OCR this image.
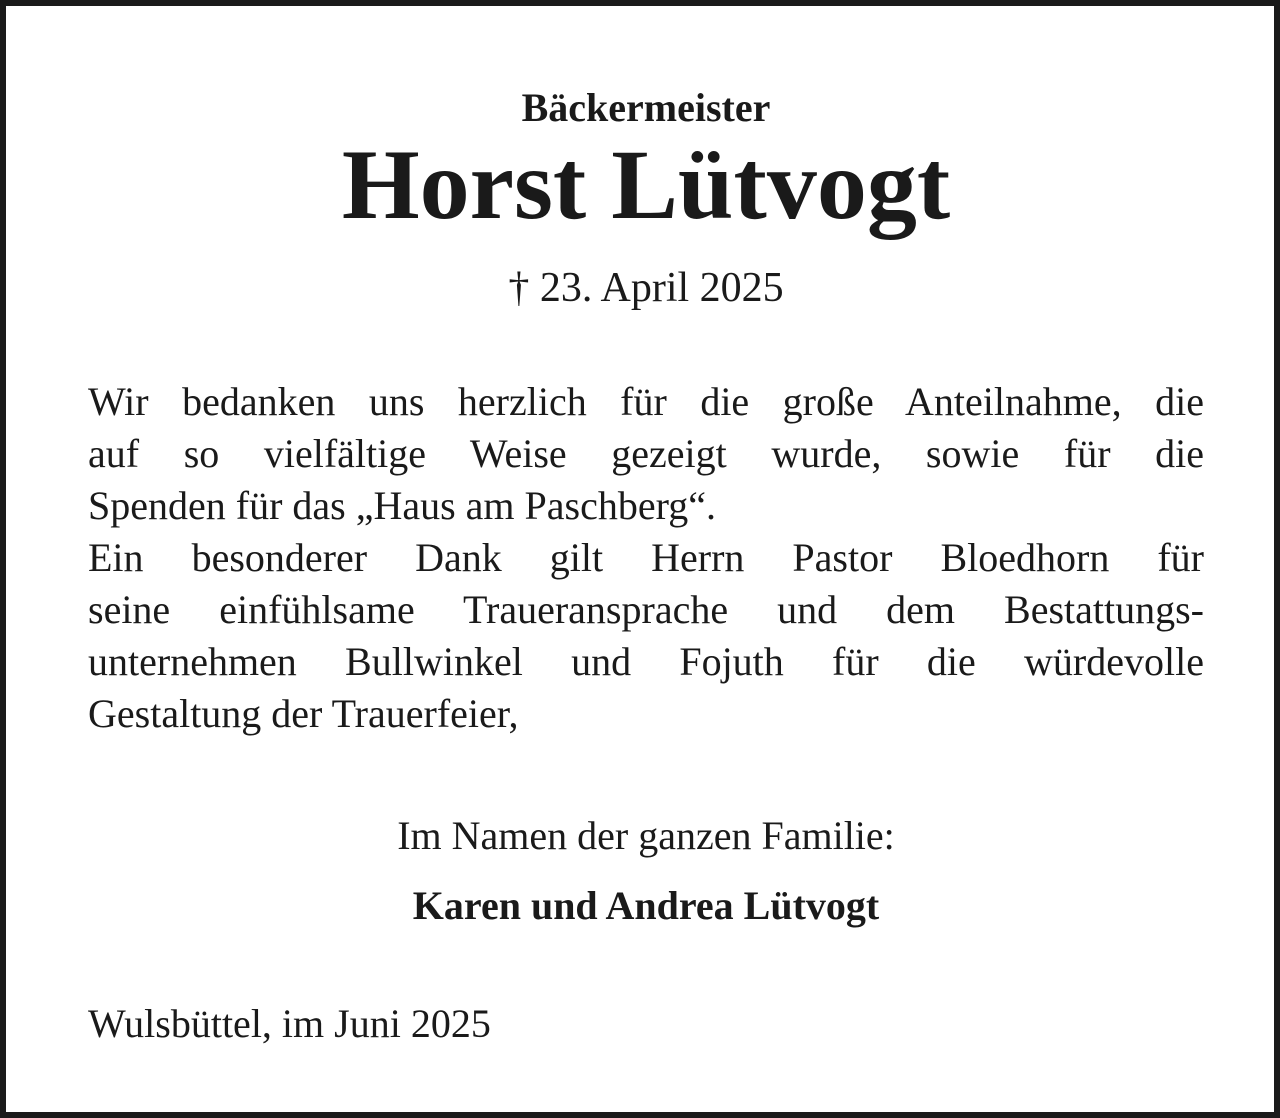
Bäckermeister
Horst Lütvogt
† 23. April 2025
Wir bedanken uns herzlich für die große Anteilnahme, die
auf so vielfältige Weise gezeigt wurde, sowie für die
Spenden für das „Haus am Paschberg“.
Ein besonderer Dank gilt Herrn Pastor Bloedhorn für
seine einfühlsame Traueransprache und dem Bestattungs-
unternehmen Bullwinkel und Fojuth für die würdevolle
Gestaltung der Trauerfeier,
Im Namen der ganzen Familie:
Karen und Andrea Lütvogt
Wulsbüttel, im Juni 2025
